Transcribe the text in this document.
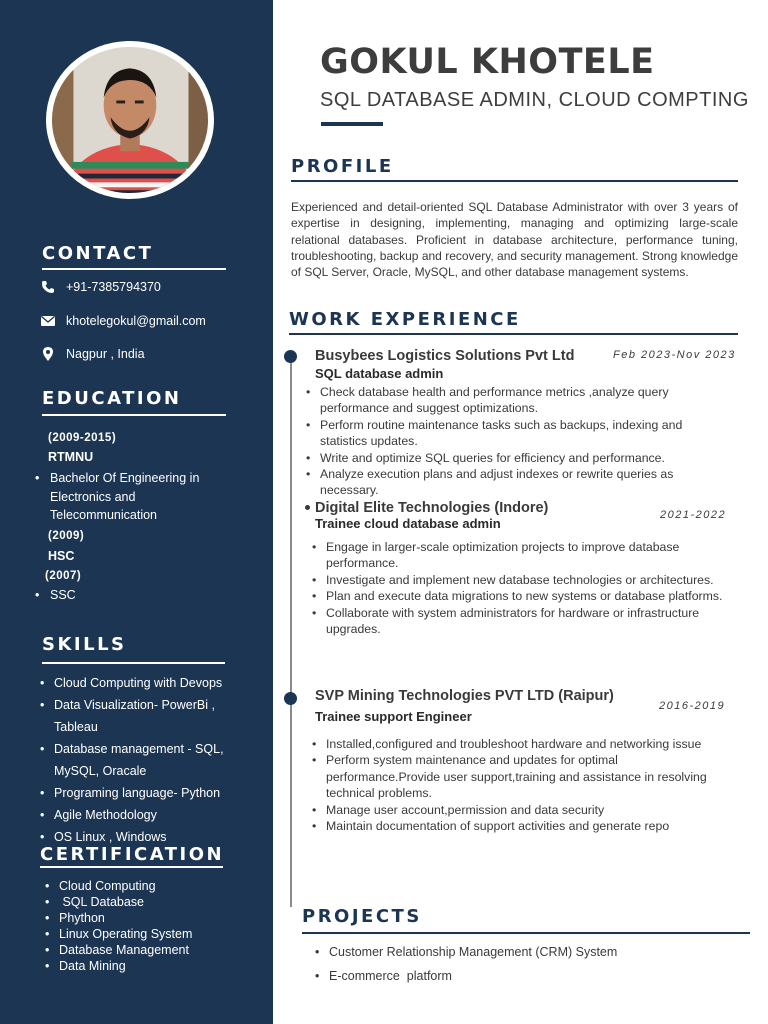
CONTACT
+91-7385794370
khotelegokul@gmail.com
Nagpur , India
EDUCATION
(2009-2015)
RTMNU
• Bachelor Of Engineering in Electronics and Telecommunication
(2009)
HSC
(2007)
• SSC
SKILLS
• Cloud Computing with Devops
• Data Visualization- PowerBi , Tableau
• Database management - SQL, MySQL, Oracale
• Programing language- Python
• Agile Methodology
• OS Linux , Windows
CERTIFICATION
• Cloud Computing
•  SQL Database
• Phython
• Linux Operating System
• Database Management
• Data Mining
GOKUL KHOTELE
SQL DATABASE ADMIN, CLOUD COMPTING
PROFILE
Experienced and detail-oriented SQL Database Administrator with over 3 years of expertise in designing, implementing, managing and optimizing large-scale relational databases. Proficient in database architecture, performance tuning, troubleshooting, backup and recovery, and security management. Strong knowledge of SQL Server, Oracle, MySQL, and other database management systems.
WORK EXPERIENCE
Busybees Logistics Solutions Pvt Ltd	Feb 2023-Nov 2023
SQL database admin
• Check database health and performance metrics ,analyze query performance and suggest optimizations.
• Perform routine maintenance tasks such as backups, indexing and statistics updates.
• Write and optimize SQL queries for efficiency and performance.
• Analyze execution plans and adjust indexes or rewrite queries as necessary.
Digital Elite Technologies (Indore)	2021-2022
Trainee cloud database admin
• Engage in larger-scale optimization projects to improve database performance.
• Investigate and implement new database technologies or architectures.
• Plan and execute data migrations to new systems or database platforms.
• Collaborate with system administrators for hardware or infrastructure upgrades.
SVP Mining Technologies PVT LTD (Raipur)
2016-2019
Trainee support Engineer
• Installed,configured and troubleshoot hardware and networking issue
• Perform system maintenance and updates for optimal performance.Provide user support,training and assistance in resolving technical problems.
• Manage user account,permission and data security
• Maintain documentation of support activities and generate repo
PROJECTS
• Customer Relationship Management (CRM) System
• E-commerce  platform
